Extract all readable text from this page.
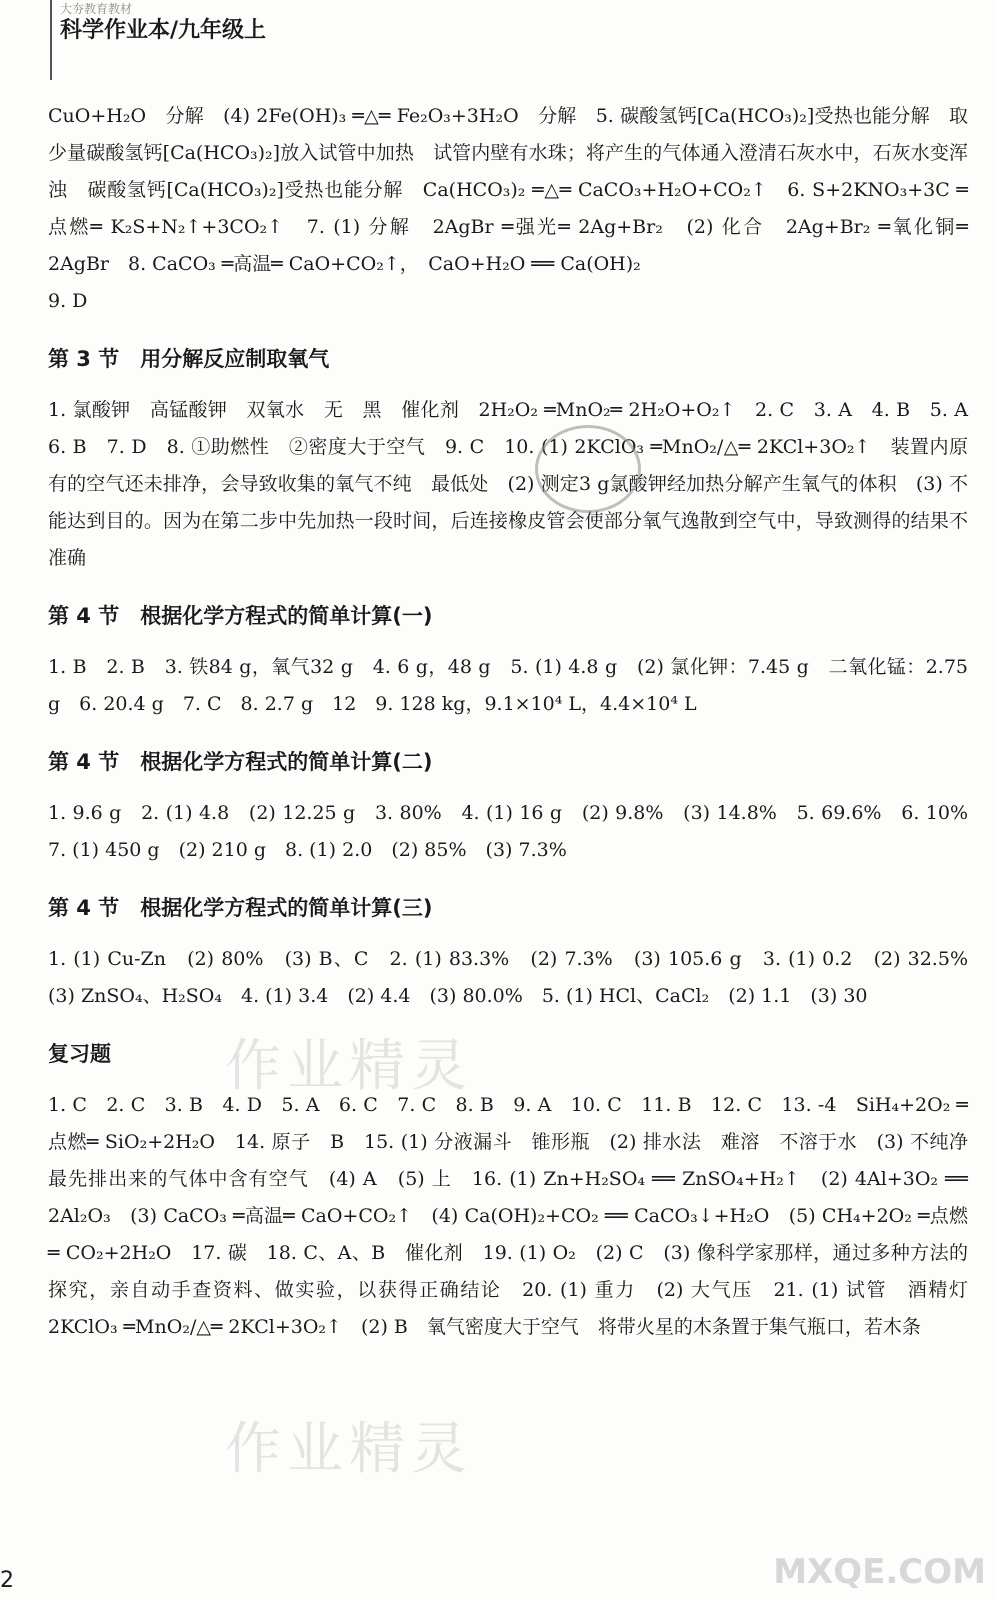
大夯教育教材
科学作业本/九年级上

CuO+H₂O　分解　(4) 2Fe(OH)₃ ═△═ Fe₂O₃+3H₂O　分解　5. 碳酸氢钙[Ca(HCO₃)₂]受热也能分解　取少量碳酸氢钙[Ca(HCO₃)₂]放入试管中加热　试管内壁有水珠；将产生的气体通入澄清石灰水中，石灰水变浑浊　碳酸氢钙[Ca(HCO₃)₂]受热也能分解　Ca(HCO₃)₂ ═△═ CaCO₃+H₂O+CO₂↑　6. S+2KNO₃+3C ═点燃═ K₂S+N₂↑+3CO₂↑　7. (1) 分解　2AgBr ═强光═ 2Ag+Br₂　(2) 化合　2Ag+Br₂ ═氧化铜═ 2AgBr　8. CaCO₃ ═高温═ CaO+CO₂↑，　CaO+H₂O ══ Ca(OH)₂

9. D

第 3 节　用分解反应制取氧气

1. 氯酸钾　高锰酸钾　双氧水　无　黑　催化剂　2H₂O₂ ═MnO₂═ 2H₂O+O₂↑　2. C　3. A　4. B　5. A　6. B　7. D　8. ①助燃性　②密度大于空气　9. C　10. (1) 2KClO₃ ═MnO₂/△═ 2KCl+3O₂↑　装置内原有的空气还未排净，会导致收集的氧气不纯　最低处　(2) 测定3 g氯酸钾经加热分解产生氧气的体积　(3) 不能达到目的。因为在第二步中先加热一段时间，后连接橡皮管会使部分氧气逸散到空气中，导致测得的结果不准确

第 4 节　根据化学方程式的简单计算(一)

1. B　2. B　3. 铁84 g，氧气32 g　4. 6 g，48 g　5. (1) 4.8 g　(2) 氯化钾：7.45 g　二氧化锰：2.75 g　6. 20.4 g　7. C　8. 2.7 g　12　9. 128 kg，9.1×10⁴ L，4.4×10⁴ L

第 4 节　根据化学方程式的简单计算(二)

1. 9.6 g　2. (1) 4.8　(2) 12.25 g　3. 80%　4. (1) 16 g　(2) 9.8%　(3) 14.8%　5. 69.6%　6. 10%　7. (1) 450 g　(2) 210 g　8. (1) 2.0　(2) 85%　(3) 7.3%

第 4 节　根据化学方程式的简单计算(三)

1. (1) Cu-Zn　(2) 80%　(3) B、C　2. (1) 83.3%　(2) 7.3%　(3) 105.6 g　3. (1) 0.2　(2) 32.5%　(3) ZnSO₄、H₂SO₄　4. (1) 3.4　(2) 4.4　(3) 80.0%　5. (1) HCl、CaCl₂　(2) 1.1　(3) 30

复习题

1. C　2. C　3. B　4. D　5. A　6. C　7. C　8. B　9. A　10. C　11. B　12. C　13. -4　SiH₄+2O₂ ═点燃═ SiO₂+2H₂O　14. 原子　B　15. (1) 分液漏斗　锥形瓶　(2) 排水法　难溶　不溶于水　(3) 不纯净　最先排出来的气体中含有空气　(4) A　(5) 上　16. (1) Zn+H₂SO₄ ══ ZnSO₄+H₂↑　(2) 4Al+3O₂ ══ 2Al₂O₃　(3) CaCO₃ ═高温═ CaO+CO₂↑　(4) Ca(OH)₂+CO₂ ══ CaCO₃↓+H₂O　(5) CH₄+2O₂ ═点燃═ CO₂+2H₂O　17. 碳　18. C、A、B　催化剂　19. (1) O₂　(2) C　(3) 像科学家那样，通过多种方法的探究，亲自动手查资料、做实验，以获得正确结论　20. (1) 重力　(2) 大气压　21. (1) 试管　酒精灯　2KClO₃ ═MnO₂/△═ 2KCl+3O₂↑　(2) B　氧气密度大于空气　将带火星的木条置于集气瓶口，若木条

作业精灵
作业精灵
MXQE.COM
2
